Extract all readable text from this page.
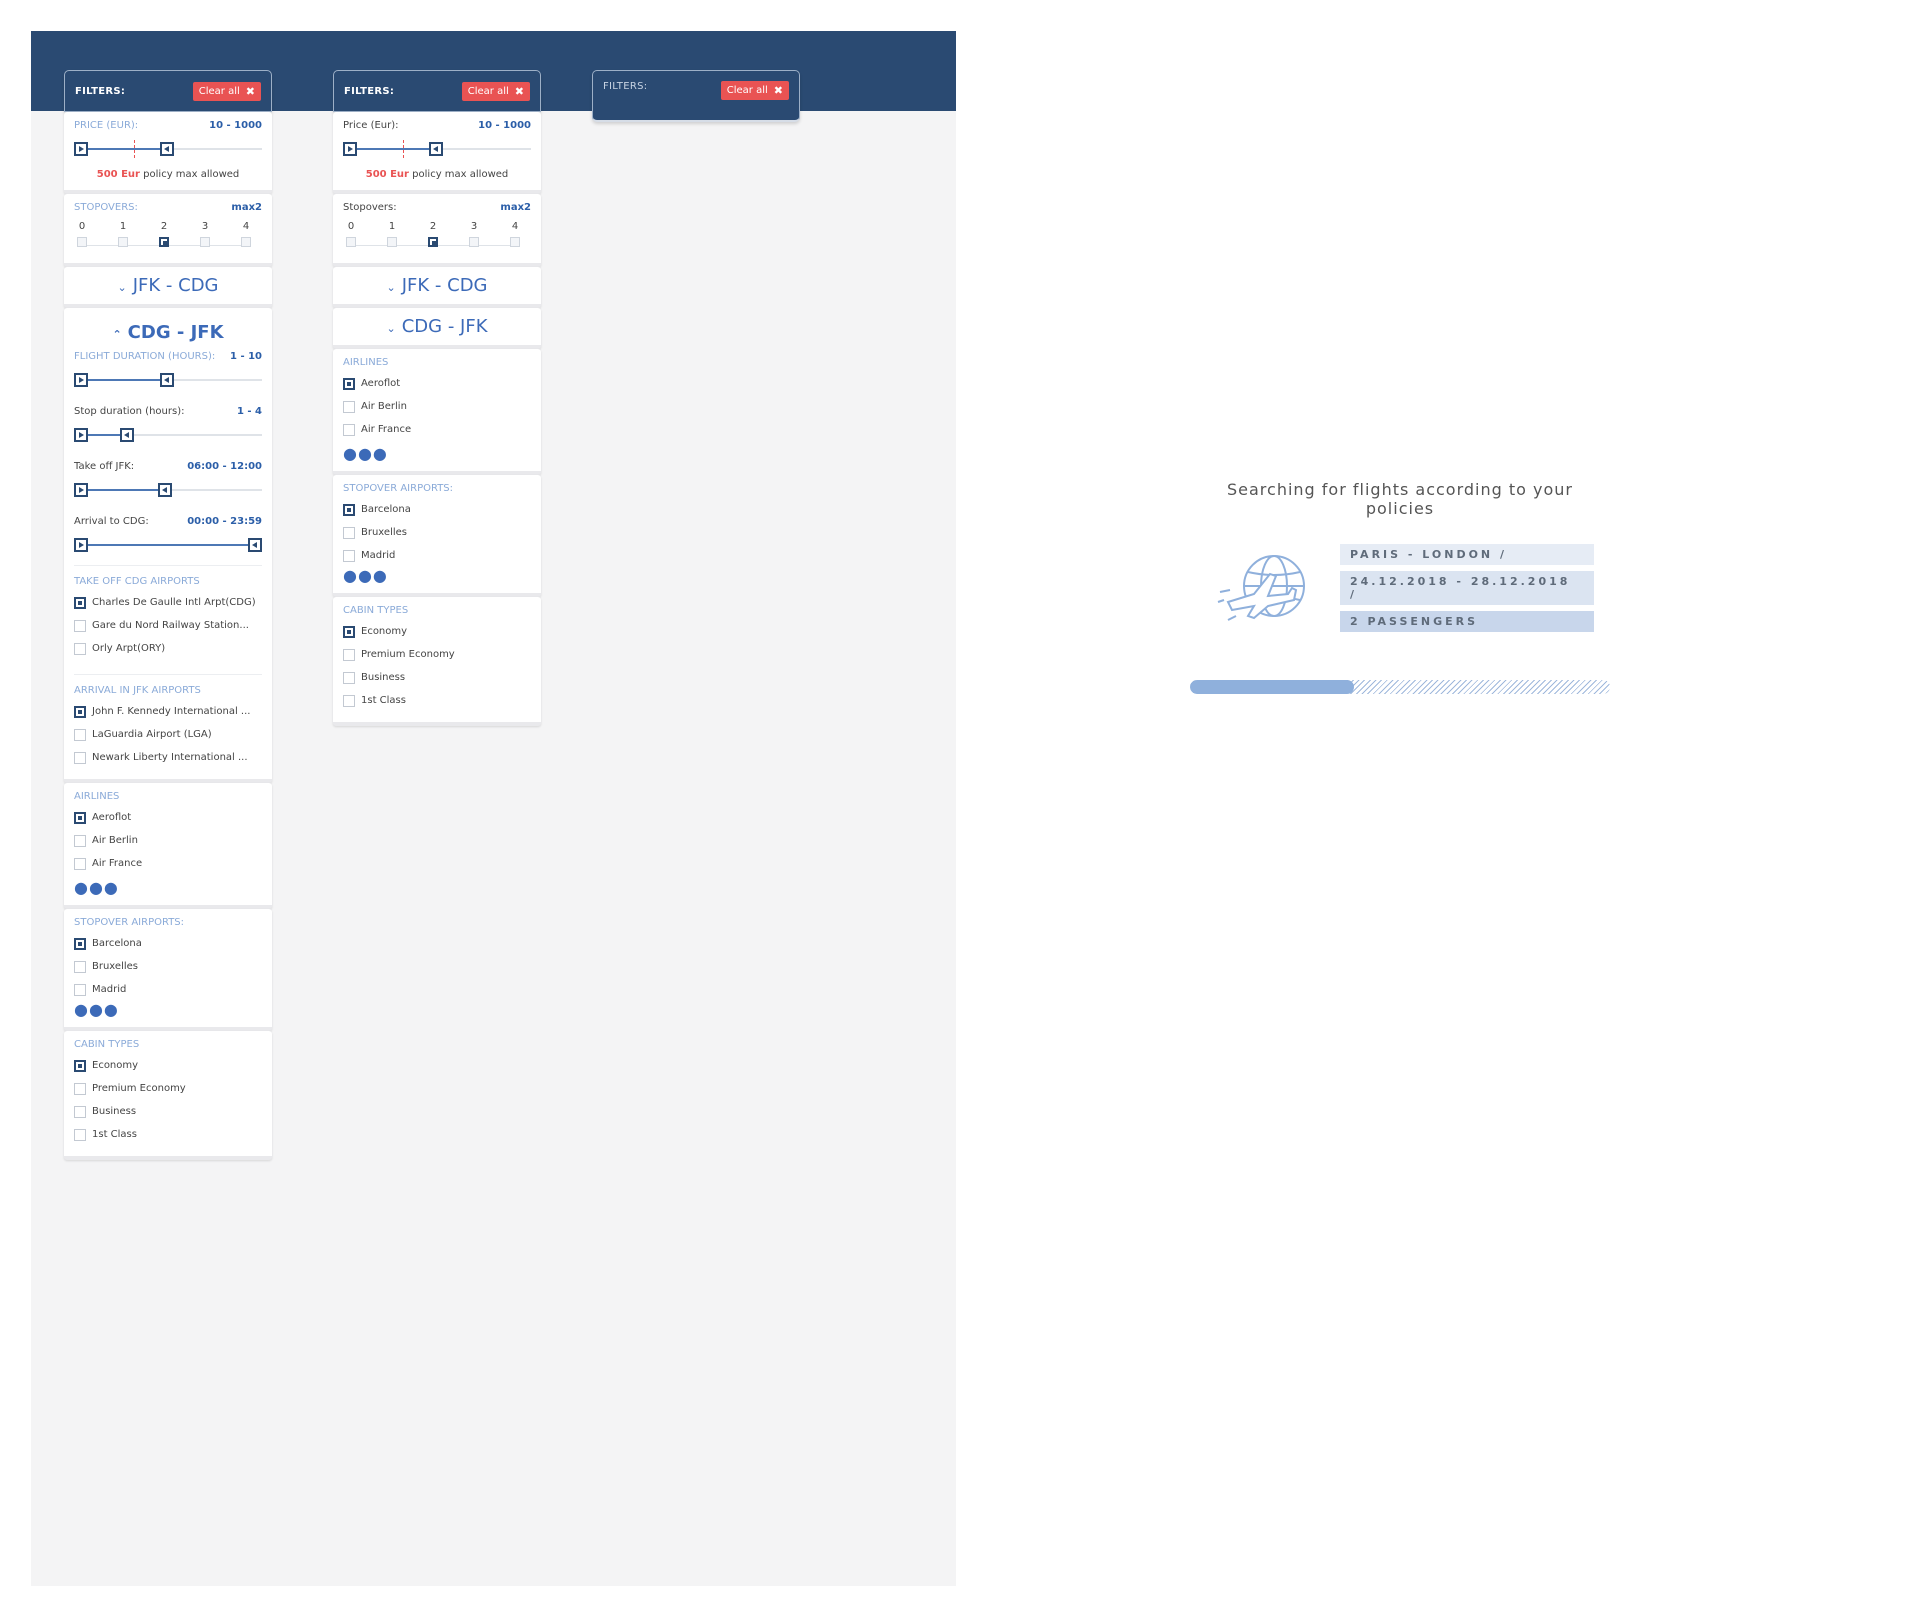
FILTERS:	Clear all ✖
PRICE (EUR):	10 - 1000
500 Eur policy max allowed
STOPOVERS:	max2
0	1	2	3	4
⌄ JFK - CDG
⌃ CDG - JFK
FLIGHT DURATION (HOURS): 1 - 10
Stop duration (hours):	1 - 4
Take off JFK:	06:00 - 12:00
Arrival to CDG:	00:00 - 23:59
TAKE OFF CDG AIRPORTS
Charles De Gaulle Intl Arpt(CDG)
Gare du Nord Railway Station...
Orly Arpt(ORY)
ARRIVAL IN JFK AIRPORTS
John F. Kennedy International ...
LaGuardia Airport (LGA)
Newark Liberty International ...
AIRLINES
Aeroflot
Air Berlin
Air France
●●●
STOPOVER AIRPORTS:
Barcelona
Bruxelles
Madrid
●●●
CABIN TYPES
Economy
Premium Economy
Business
1st Class
FILTERS:	Clear all ✖
Price (Eur):	10 - 1000
500 Eur policy max allowed
Stopovers:	max2
0	1	2	3	4
⌄ JFK - CDG
⌄ CDG - JFK
AIRLINES
Aeroflot
Air Berlin
Air France
●●●
STOPOVER AIRPORTS:
Barcelona
Bruxelles
Madrid
●●●
CABIN TYPES
Economy
Premium Economy
Business
1st Class
FILTERS:	Clear all ✖
Searching for flights according to your policies
PARIS - LONDON /
24.12.2018 - 28.12.2018 /
2 PASSENGERS
